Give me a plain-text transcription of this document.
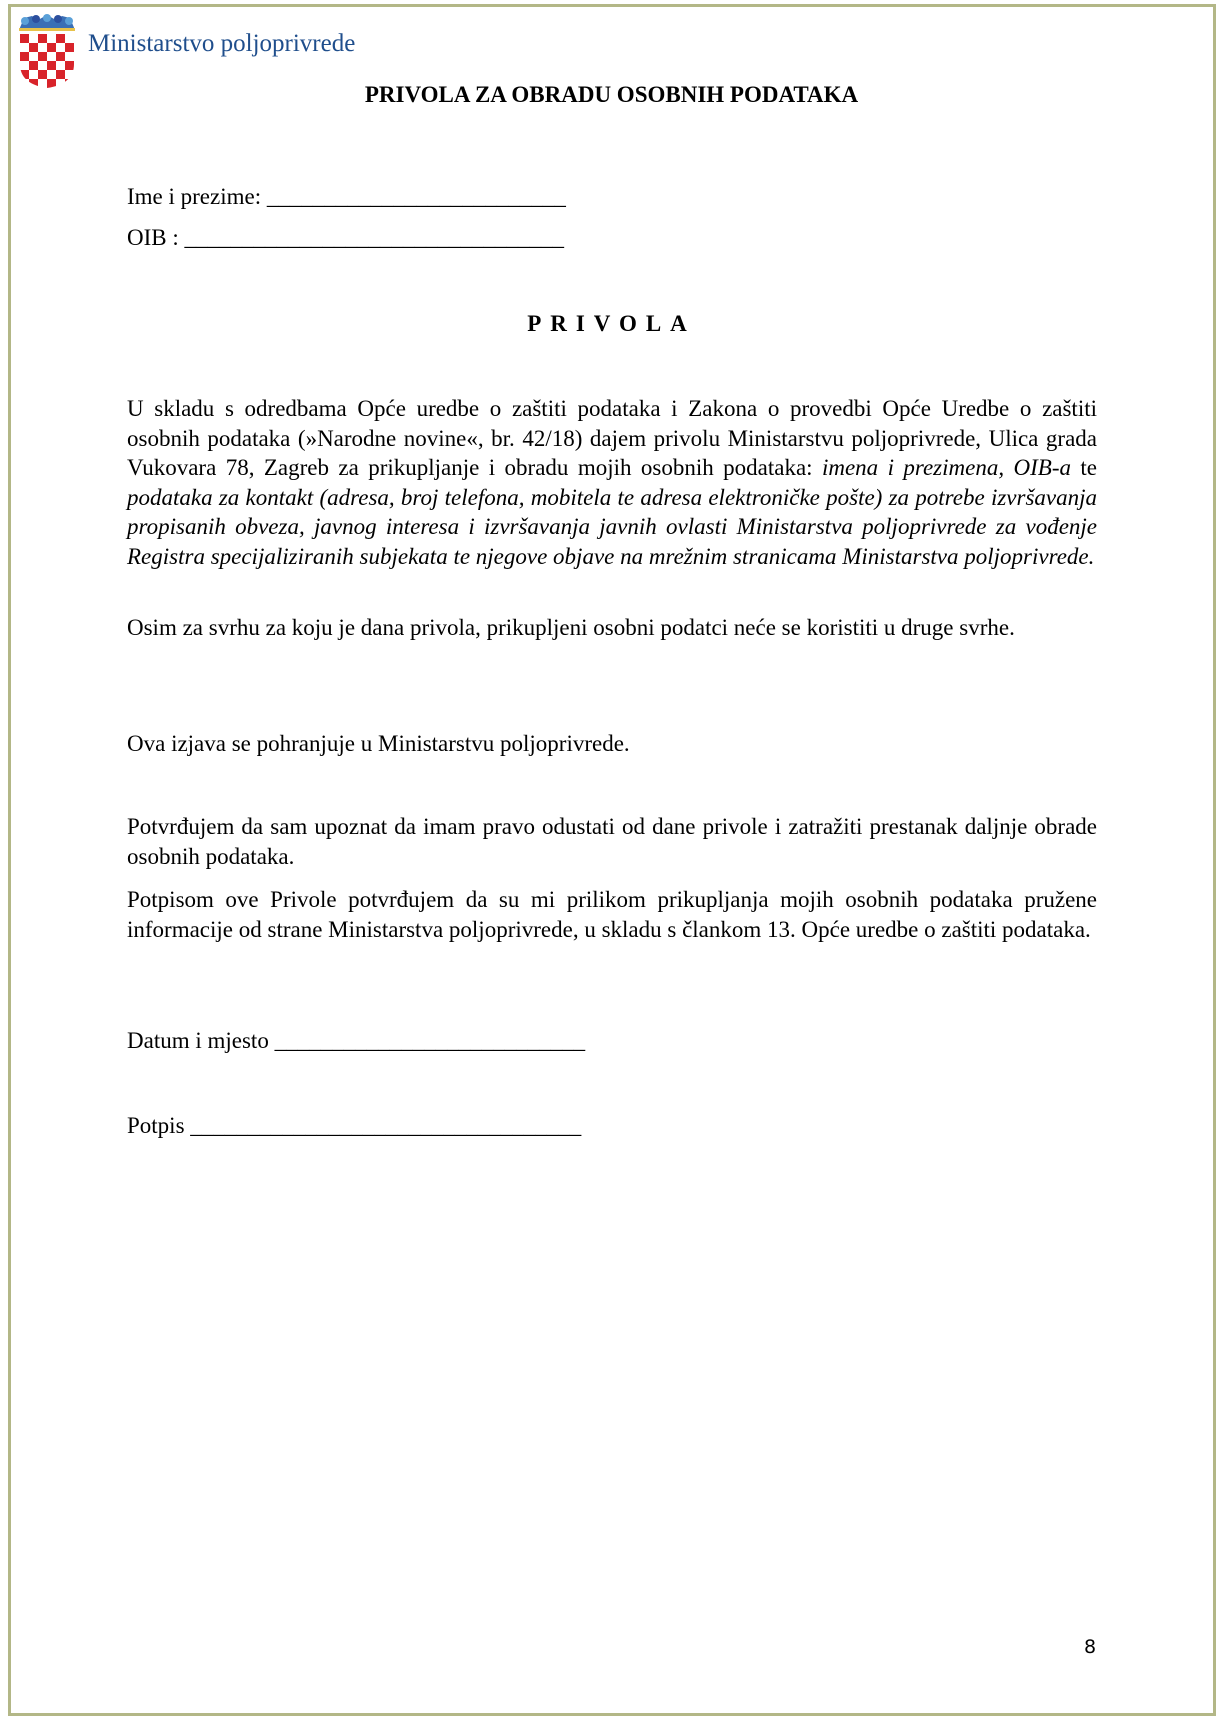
Ministarstvo poljoprivrede
PRIVOLA ZA OBRADU OSOBNIH PODATAKA
Ime i prezime: __________________________
OIB : _________________________________
PRIVOLA
U skladu s odredbama Opće uredbe o zaštiti podataka i Zakona o provedbi Opće Uredbe o zaštiti osobnih podataka (»Narodne novine«, br. 42/18) dajem privolu Ministarstvu poljoprivrede, Ulica grada Vukovara 78, Zagreb za prikupljanje i obradu mojih osobnih podataka: imena i prezimena, OIB-a te podataka za kontakt (adresa, broj telefona, mobitela te adresa elektroničke pošte) za potrebe izvršavanja propisanih obveza, javnog interesa i izvršavanja javnih ovlasti Ministarstva poljoprivrede za vođenje Registra specijaliziranih subjekata te njegove objave na mrežnim stranicama Ministarstva poljoprivrede.
Osim za svrhu za koju je dana privola, prikupljeni osobni podatci neće se koristiti u druge svrhe.
Ova izjava se pohranjuje u Ministarstvu poljoprivrede.
Potvrđujem da sam upoznat da imam pravo odustati od dane privole i zatražiti prestanak daljnje obrade osobnih podataka.
Potpisom ove Privole potvrđujem da su mi prilikom prikupljanja mojih osobnih podataka pružene informacije od strane Ministarstva poljoprivrede, u skladu s člankom 13. Opće uredbe o zaštiti podataka.
Datum i mjesto ___________________________
Potpis __________________________________
8
